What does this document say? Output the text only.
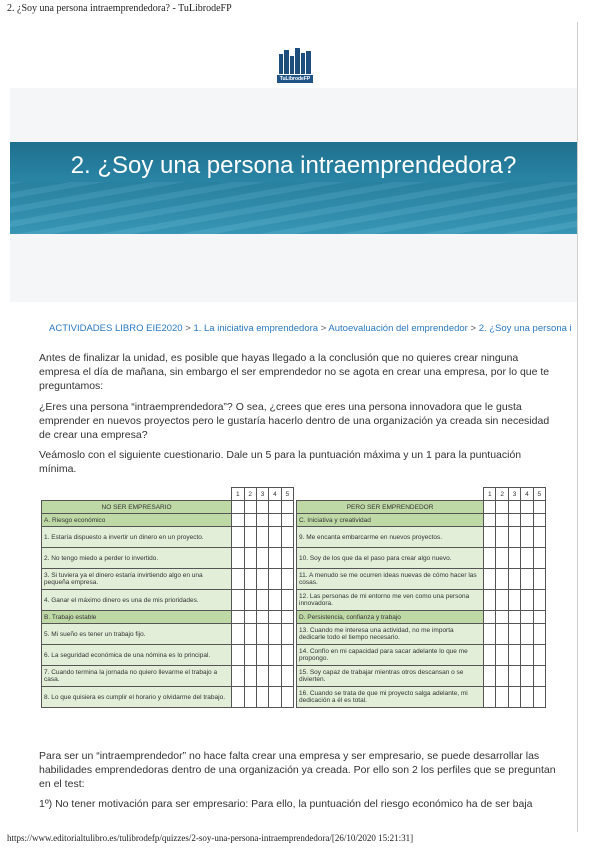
2. ¿Soy una persona intraemprendedora? - TuLibrodeFP
TuLibrodeFP
2. ¿Soy una persona intraemprendedora?
ACTIVIDADES LIBRO EIE2020 > 1. La iniciativa emprendedora > Autoevaluación del emprendedor > 2. ¿Soy una persona i
Antes de finalizar la unidad, es posible que hayas llegado a la conclusión que no quieres crear ninguna empresa el día de mañana, sin embargo el ser emprendedor no se agota en crear una empresa, por lo que te preguntamos:
¿Eres una persona “intraemprendedora”? O sea, ¿crees que eres una persona innovadora que le gusta emprender en nuevos proyectos pero le gustaría hacerlo dentro de una organización ya creada sin necesidad de crear una empresa?
Veámoslo con el siguiente cuestionario. Dale un 5 para la puntuación máxima y un 1 para la puntuación mínima.
	1	2	3	4	5
NO SER EMPRESARIO					
A. Riesgo económico					
1. Estaría dispuesto a invertir un dinero en un proyecto.					
2. No tengo miedo a perder lo invertido.					
3. Si tuviera ya el dinero estaría invirtiendo algo en una pequeña empresa.					
4. Ganar el máximo dinero es una de mis prioridades.					
B. Trabajo estable					
5. Mi sueño es tener un trabajo fijo.					
6. La seguridad económica de una nómina es lo principal.					
7. Cuando termina la jornada no quiero llevarme el trabajo a casa.					
8. Lo que quisiera es cumplir el horario y olvidarme del trabajo.					
	1	2	3	4	5
PERO SER EMPRENDEDOR					
C. Iniciativa y creatividad					
9. Me encanta embarcarme en nuevos proyectos.					
10. Soy de los que da el paso para crear algo nuevo.					
11. A menudo se me ocurren ideas nuevas de cómo hacer las cosas.					
12. Las personas de mi entorno me ven como una persona innovadora.					
D. Persistencia, confianza y trabajo					
13. Cuando me interesa una actividad, no me importa dedicarle todo el tiempo necesario.					
14. Confío en mi capacidad para sacar adelante lo que me propongo.					
15. Soy capaz de trabajar mientras otros descansan o se divierten.					
16. Cuando se trata de que mi proyecto salga adelante, mi dedicación a él es total.					
Para ser un “intraemprendedor” no hace falta crear una empresa y ser empresario, se puede desarrollar las habilidades emprendedoras dentro de una organización ya creada. Por ello son 2 los perfiles que se preguntan en el test:
1º) No tener motivación para ser empresario: Para ello, la puntuación del riesgo económico ha de ser baja
https://www.editorialtulibro.es/tulibrodefp/quizzes/2-soy-una-persona-intraemprendedora/[26/10/2020 15:21:31]
